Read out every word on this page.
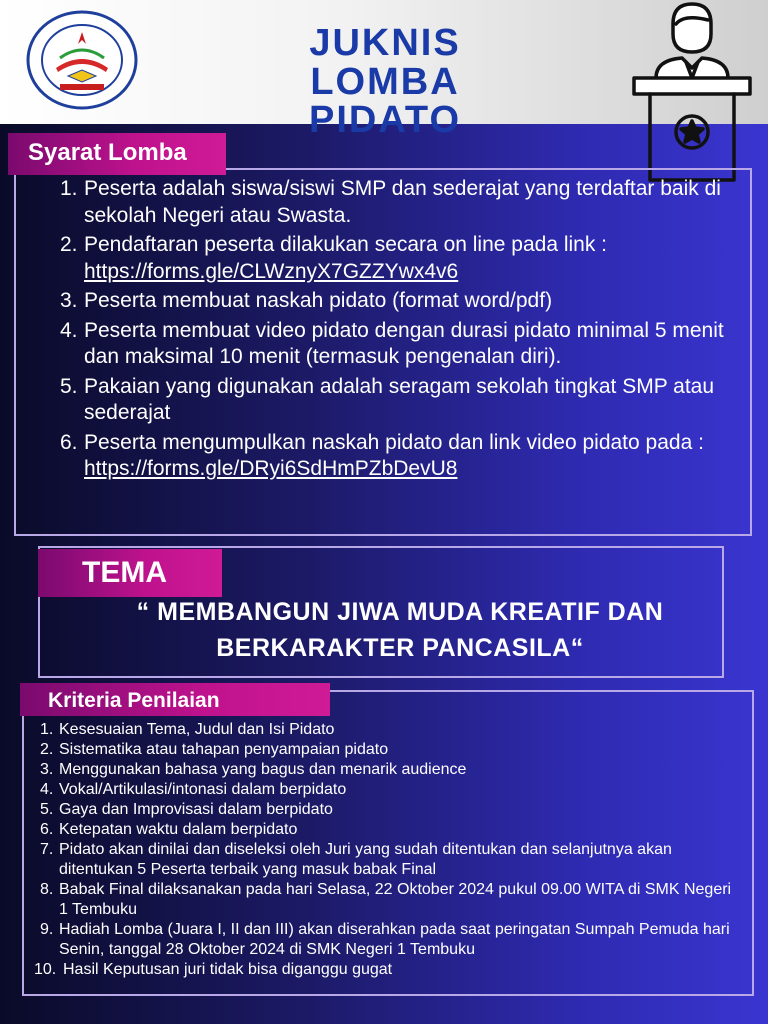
JUKNIS
LOMBA PIDATO
Syarat Lomba
1. Peserta adalah siswa/siswi SMP dan sederajat yang terdaftar baik di sekolah Negeri atau Swasta.
2. Pendaftaran peserta dilakukan secara on line pada link : https://forms.gle/CLWznyX7GZZYwx4v6
3. Peserta membuat naskah pidato (format word/pdf)
4. Peserta membuat video pidato dengan durasi pidato minimal 5 menit dan maksimal 10 menit (termasuk pengenalan diri).
5. Pakaian yang digunakan adalah seragam sekolah tingkat SMP atau sederajat
6. Peserta mengumpulkan naskah pidato dan link video pidato pada : https://forms.gle/DRyi6SdHmPZbDevU8
TEMA
“ MEMBANGUN JIWA MUDA KREATIF DAN
BERKARAKTER PANCASILA“
Kriteria Penilaian
1. Kesesuaian Tema, Judul dan Isi Pidato
2. Sistematika atau tahapan penyampaian pidato
3. Menggunakan bahasa yang bagus dan menarik audience
4. Vokal/Artikulasi/intonasi dalam berpidato
5. Gaya dan Improvisasi dalam berpidato
6. Ketepatan waktu dalam berpidato
7. Pidato akan dinilai dan diseleksi oleh Juri yang sudah ditentukan dan selanjutnya akan ditentukan 5 Peserta terbaik yang masuk babak Final
8. Babak Final dilaksanakan pada hari Selasa, 22 Oktober 2024 pukul 09.00 WITA di SMK Negeri 1 Tembuku
9. Hadiah Lomba (Juara I, II dan III) akan diserahkan pada saat peringatan Sumpah Pemuda hari Senin, tanggal 28 Oktober 2024 di SMK Negeri 1 Tembuku
10. Hasil Keputusan juri tidak bisa diganggu gugat
